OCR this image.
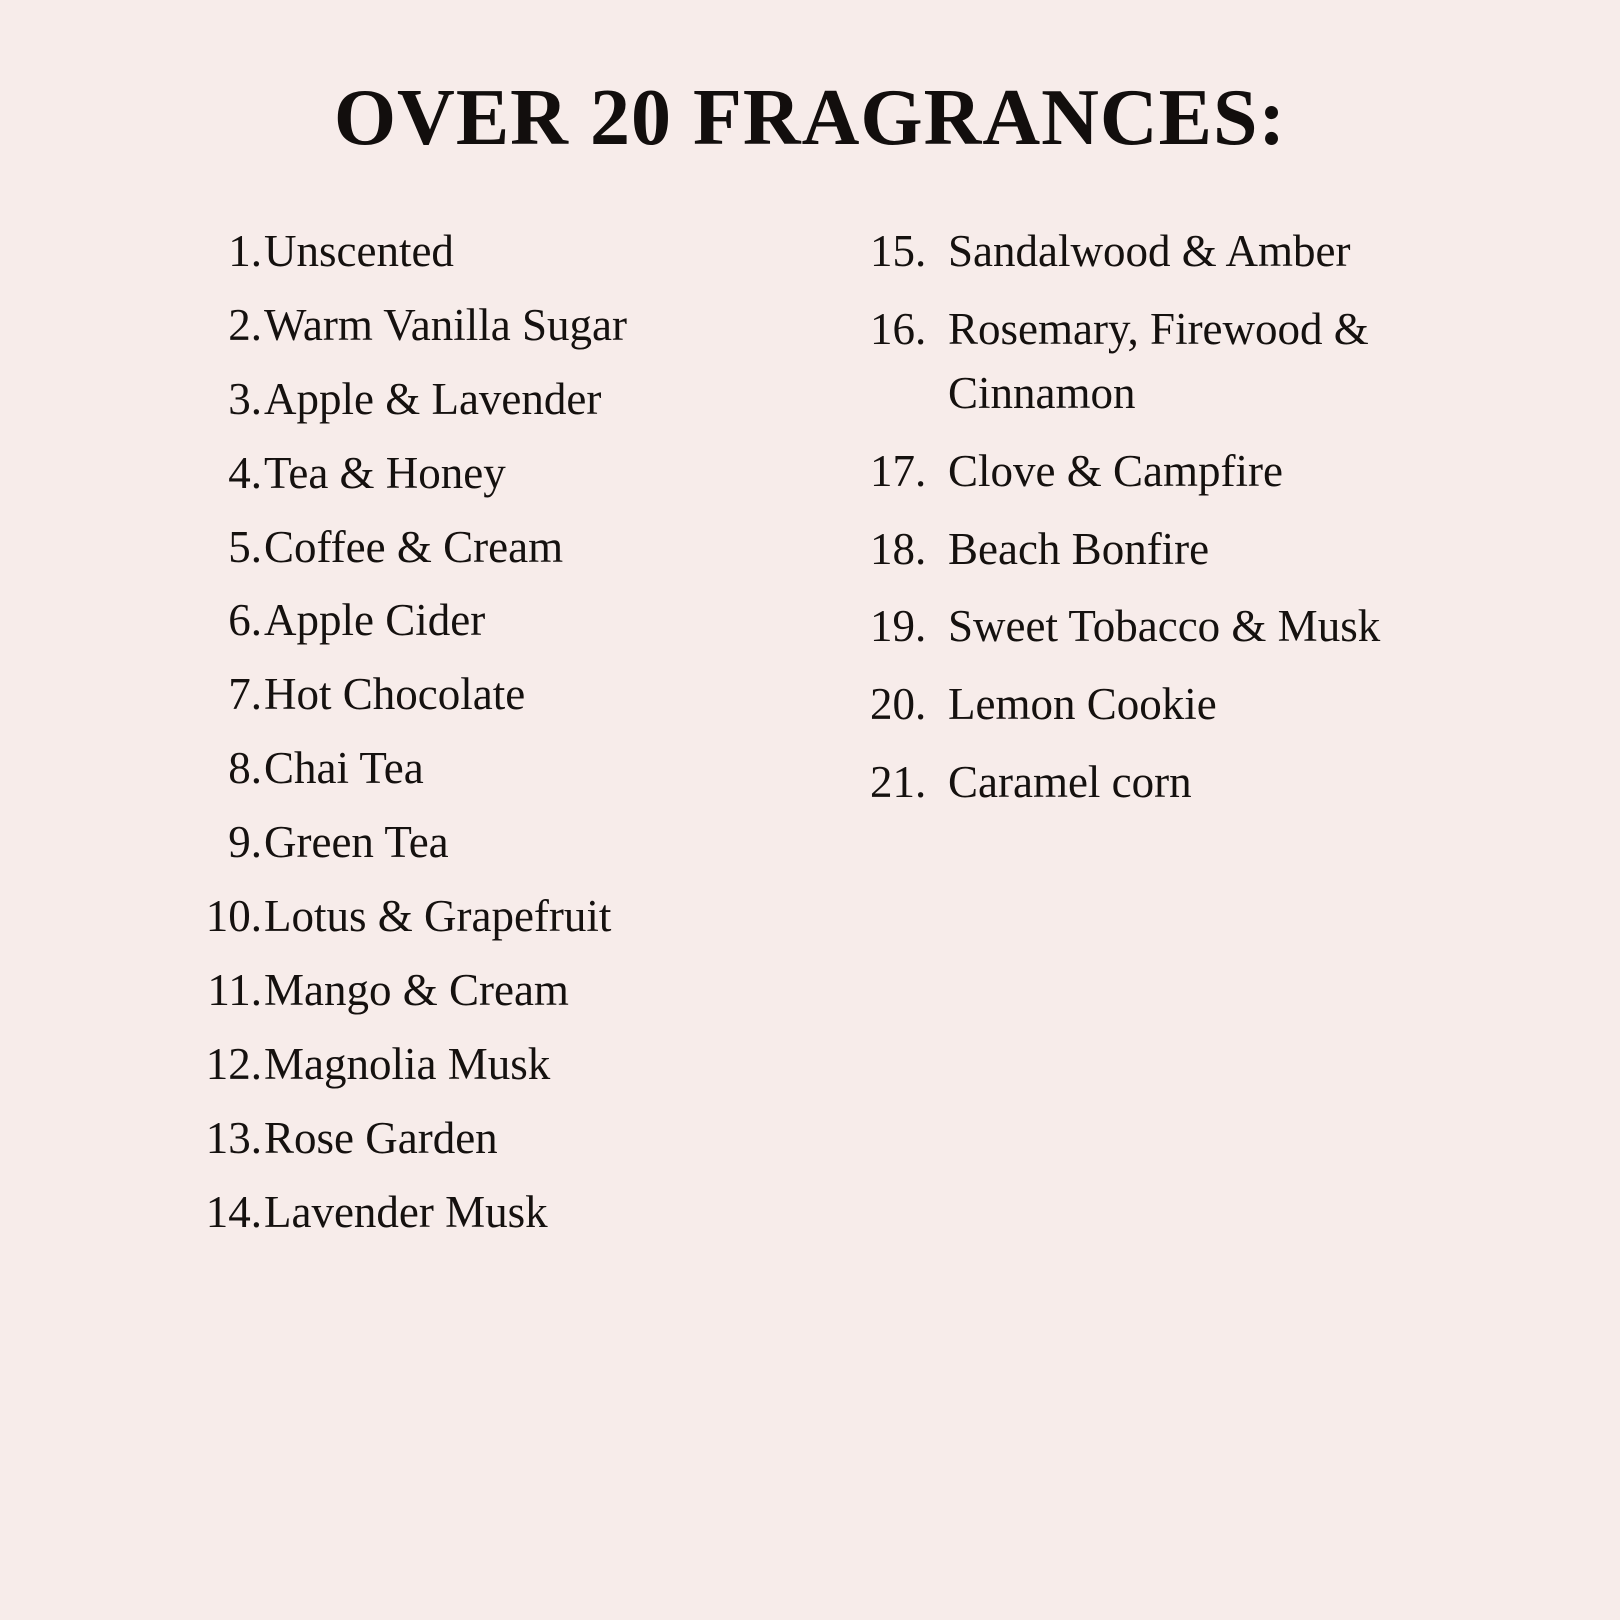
OVER 20 FRAGRANCES:
1. Unscented
2. Warm Vanilla Sugar
3. Apple & Lavender
4. Tea & Honey
5. Coffee & Cream
6. Apple Cider
7. Hot Chocolate
8. Chai Tea
9. Green Tea
10. Lotus & Grapefruit
11. Mango & Cream
12. Magnolia Musk
13. Rose Garden
14. Lavender Musk
15. Sandalwood & Amber
16. Rosemary, Firewood & Cinnamon
17. Clove & Campfire
18. Beach Bonfire
19. Sweet Tobacco & Musk
20. Lemon Cookie
21. Caramel corn
